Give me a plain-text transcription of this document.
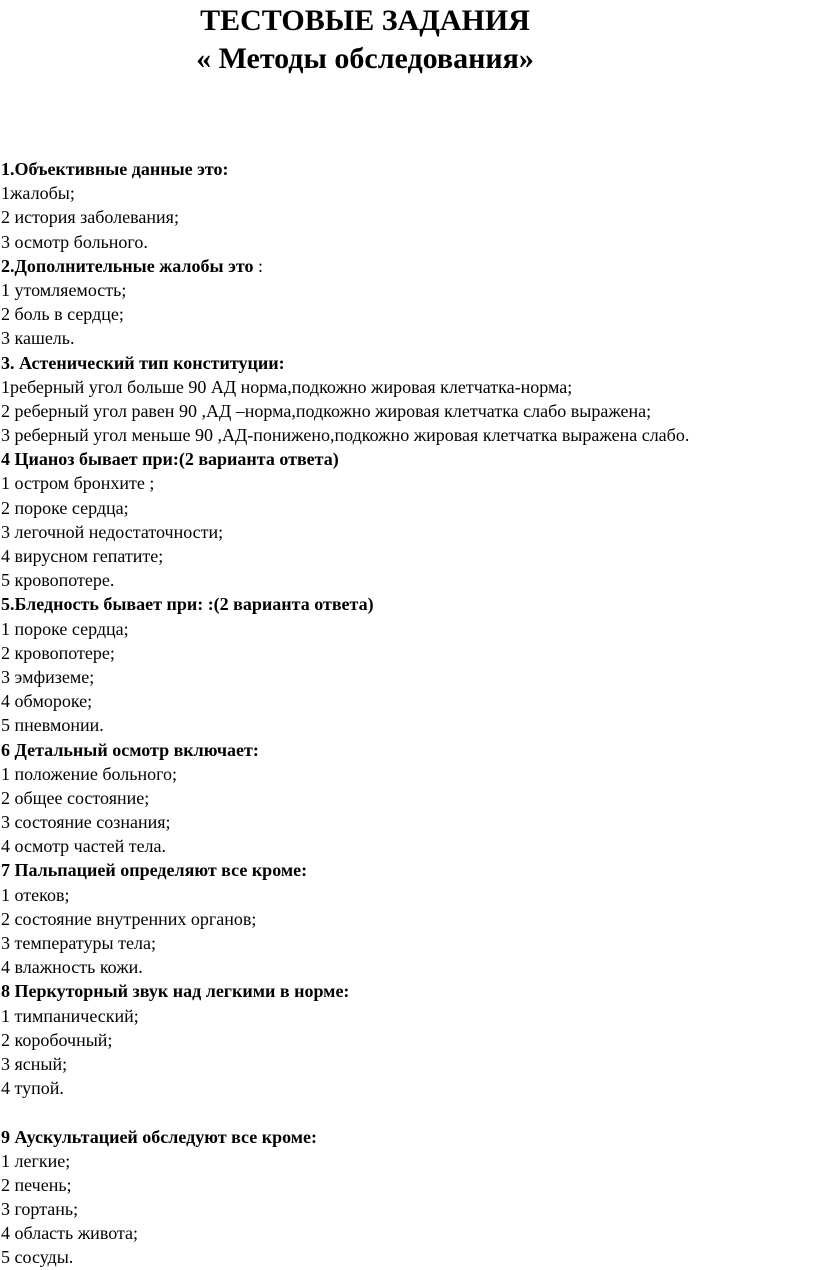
ТЕСТОВЫЕ ЗАДАНИЯ
« Методы обследования»
1.Объективные данные это:
1жалобы;
2 история заболевания;
3 осмотр больного.
2.Дополнительные жалобы это :
1 утомляемость;
2 боль в сердце;
3 кашель.
3. Астенический тип конституции:
1реберный угол больше 90 АД норма,подкожно жировая клетчатка-норма;
2 реберный угол равен 90 ,АД –норма,подкожно жировая клетчатка слабо выражена;
3 реберный угол меньше 90 ,АД-понижено,подкожно жировая клетчатка выражена слабо.
4 Цианоз бывает при:(2 варианта ответа)
1 остром бронхите ;
2 пороке сердца;
3 легочной недостаточности;
4 вирусном гепатите;
5 кровопотере.
5.Бледность бывает при: :(2 варианта ответа)
1 пороке сердца;
2 кровопотере;
3 эмфиземе;
4 обмороке;
5 пневмонии.
6 Детальный осмотр включает:
1 положение больного;
2 общее состояние;
3 состояние сознания;
4 осмотр частей тела.
7 Пальпацией определяют все кроме:
1 отеков;
2 состояние внутренних органов;
3 температуры тела;
4 влажность кожи.
8 Перкуторный звук над легкими в норме:
1 тимпанический;
2 коробочный;
3 ясный;
4 тупой.
9 Аускультацией обследуют все кроме:
1 легкие;
2 печень;
3 гортань;
4 область живота;
5 сосуды.
